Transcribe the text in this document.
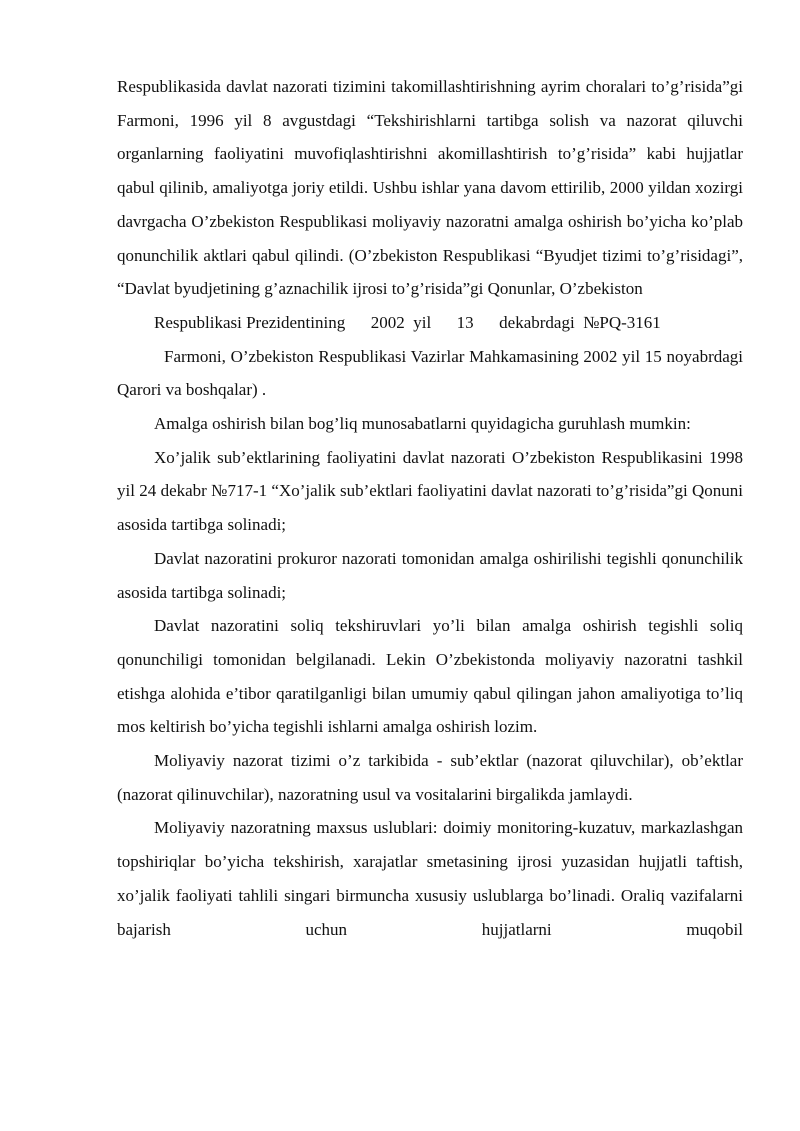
Respublikasida davlat nazorati tizimini takomillashtirishning ayrim choralari to’g’risida”gi Farmoni, 1996 yil 8 avgustdagi “Tekshirishlarni tartibga solish va nazorat qiluvchi organlarning faoliyatini muvofiqlashtirishni akomillashtirish to’g’risida” kabi hujjatlar qabul qilinib, amaliyotga joriy etildi. Ushbu ishlar yana davom ettirilib, 2000 yildan xozirgi davrgacha O’zbekiston Respublikasi moliyaviy nazoratni amalga oshirish bo’yicha ko’plab qonunchilik aktlari qabul qilindi. (O’zbekiston Respublikasi “Byudjet tizimi to’g’risidagi”, “Davlat byudjetining g’aznachilik ijrosi to’g’risida”gi Qonunlar, O’zbekiston

Respublikasi Prezidentining      2002  yil      13      dekabrdagi  №PQ-3161

Farmoni, O’zbekiston Respublikasi Vazirlar Mahkamasining 2002 yil 15 noyabrdagi Qarori va boshqalar) .

Amalga oshirish bilan bog’liq munosabatlarni quyidagicha guruhlash mumkin:

Xo’jalik sub’ektlarining faoliyatini davlat nazorati O’zbekiston Respublikasini 1998 yil 24 dekabr №717-1 “Xo’jalik sub’ektlari faoliyatini davlat nazorati to’g’risida”gi Qonuni asosida tartibga solinadi;

Davlat nazoratini prokuror nazorati tomonidan amalga oshirilishi tegishli qonunchilik asosida tartibga solinadi;

Davlat nazoratini soliq tekshiruvlari yo’li bilan amalga oshirish tegishli soliq qonunchiligi tomonidan belgilanadi. Lekin O’zbekistonda moliyaviy nazoratni tashkil etishga alohida e’tibor qaratilganligi bilan umumiy qabul qilingan jahon amaliyotiga to’liq mos keltirish bo’yicha tegishli ishlarni amalga oshirish lozim.

Moliyaviy nazorat tizimi o’z tarkibida - sub’ektlar (nazorat qiluvchilar), ob’ektlar (nazorat qilinuvchilar), nazoratning usul va vositalarini birgalikda jamlaydi.

Moliyaviy nazoratning maxsus uslublari: doimiy monitoring-kuzatuv, markazlashgan topshiriqlar bo’yicha tekshirish, xarajatlar smetasining ijrosi yuzasidan hujjatli taftish, xo’jalik faoliyati tahlili singari birmuncha xususiy uslublarga bo’linadi. Oraliq vazifalarni bajarish uchun hujjatlarni muqobil
